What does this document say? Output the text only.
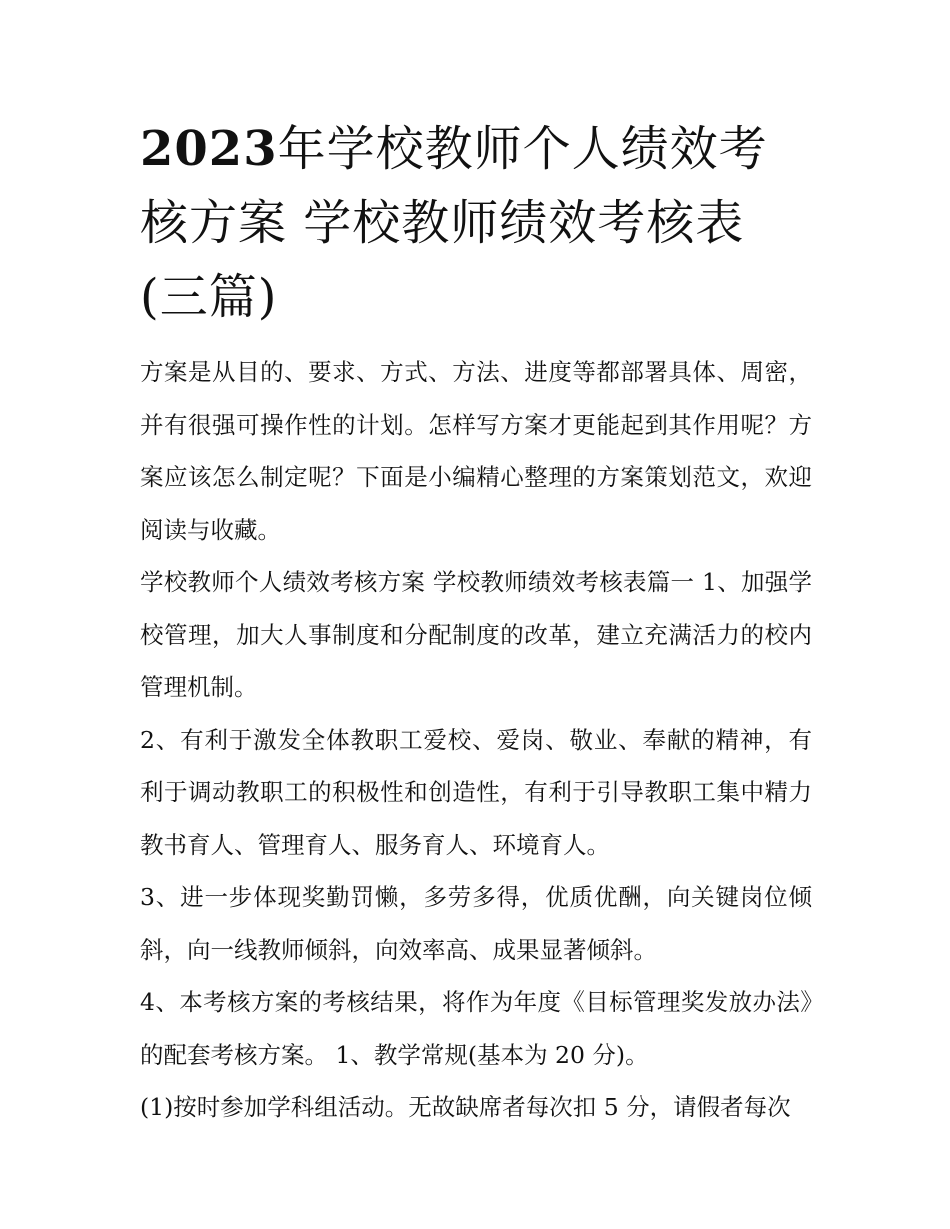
2023年学校教师个人绩效考核方案 学校教师绩效考核表(三篇)

方案是从目的、要求、方式、方法、进度等都部署具体、周密，并有很强可操作性的计划。怎样写方案才更能起到其作用呢？方案应该怎么制定呢？下面是小编精心整理的方案策划范文，欢迎阅读与收藏。

学校教师个人绩效考核方案 学校教师绩效考核表篇一 1、加强学校管理，加大人事制度和分配制度的改革，建立充满活力的校内管理机制。

2、有利于激发全体教职工爱校、爱岗、敬业、奉献的精神，有利于调动教职工的积极性和创造性，有利于引导教职工集中精力教书育人、管理育人、服务育人、环境育人。

3、进一步体现奖勤罚懒，多劳多得，优质优酬，向关键岗位倾斜，向一线教师倾斜，向效率高、成果显著倾斜。

4、本考核方案的考核结果，将作为年度《目标管理奖发放办法》的配套考核方案。 1、教学常规(基本为 20 分)。

(1)按时参加学科组活动。无故缺席者每次扣 5 分，请假者每次
